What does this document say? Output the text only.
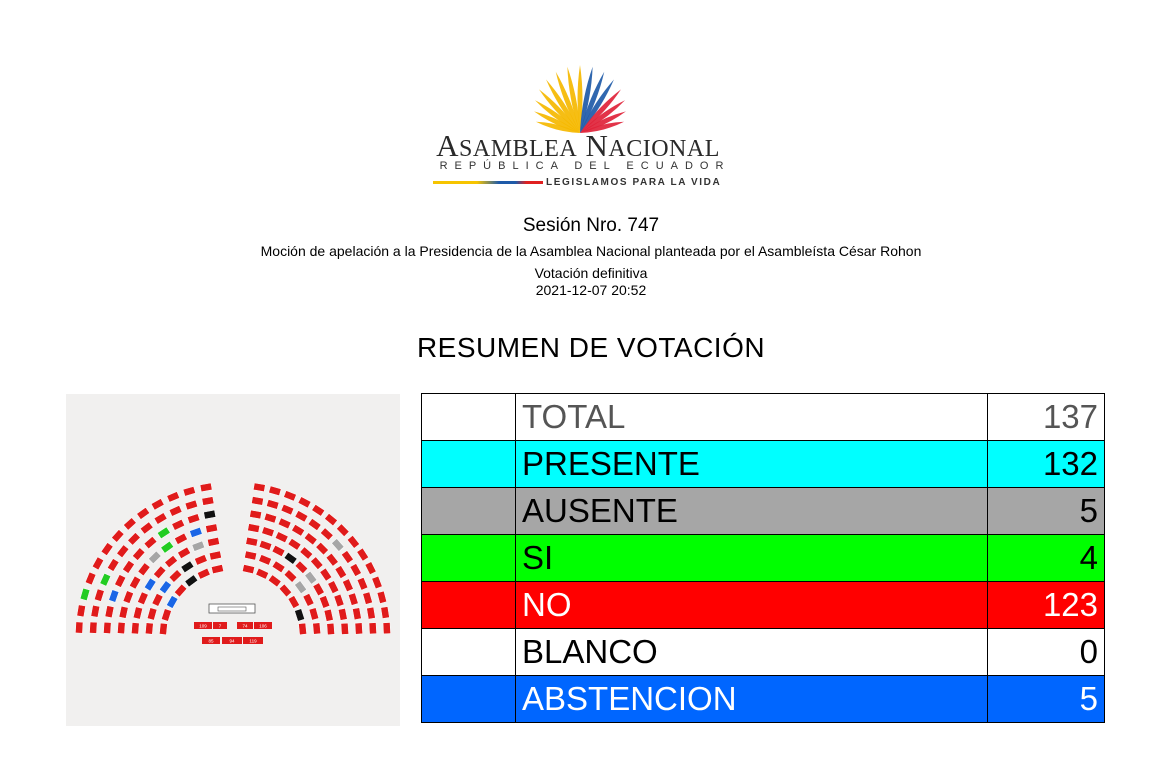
ASAMBLEA NACIONAL
REPÚBLICA DEL ECUADOR
LEGISLAMOS PARA LA VIDA
Sesión Nro. 747
Moción de apelación a la Presidencia de la Asamblea Nacional planteada por el Asambleísta César Rohon
Votación definitiva
2021-12-07 20:52
RESUMEN DE VOTACIÓN
109	7	74	106
85	94	119
	TOTAL	137
	PRESENTE	132
	AUSENTE	5
	SI	4
	NO	123
	BLANCO	0
	ABSTENCION	5
